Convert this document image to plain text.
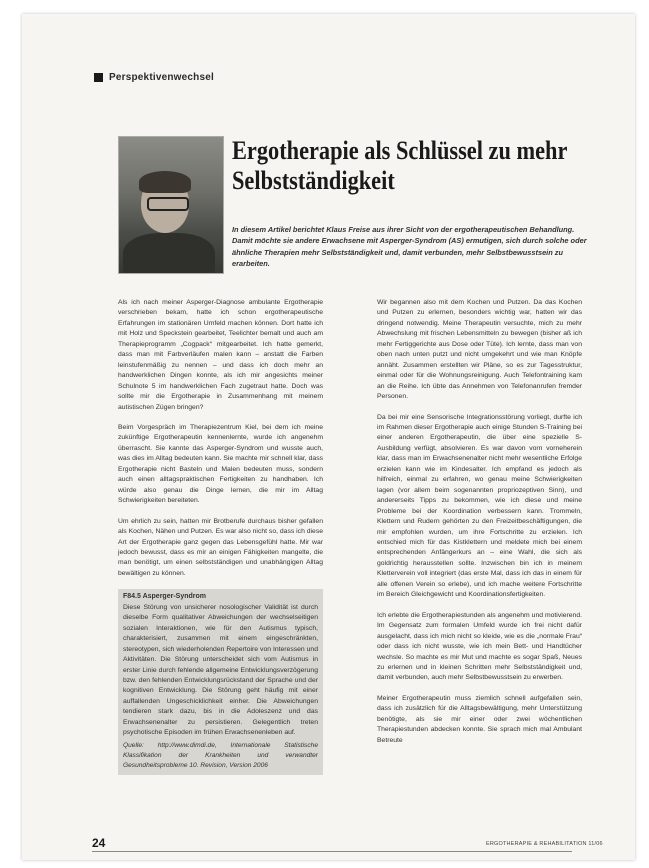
Perspektivenwechsel
Ergotherapie als Schlüssel zu mehr
Selbstständigkeit
In diesem Artikel berichtet Klaus Freise aus ihrer Sicht von der ergotherapeutischen Behandlung. Damit möchte sie andere Erwachsene mit Asperger-Syndrom (AS) ermutigen, sich durch solche oder ähnliche Therapien mehr Selbstständigkeit und, damit verbunden, mehr Selbstbewusstsein zu erarbeiten.

Als ich nach meiner Asperger-Diagnose ambulante Ergotherapie verschrieben bekam, hatte ich schon ergotherapeutische Erfahrungen im stationären Umfeld machen können. Dort hatte ich mit Holz und Speckstein gearbeitet, Teelichter bemalt und auch am Therapieprogramm „Cogpack“ mitgearbeitet. Ich hatte gemerkt, dass man mit Farbverläufen malen kann – anstatt die Farben leinstufenmäßig zu nennen – und dass ich doch mehr an handwerklichen Dingen konnte, als ich mir angesichts meiner Schulnote 5 im handwerklichen Fach zugetraut hatte. Doch was sollte mir die Ergotherapie in Zusammenhang mit meinem autistischen Zügen bringen?

Beim Vorgespräch im Therapiezentrum Kiel, bei dem ich meine zukünftige Ergotherapeutin kennenlernte, wurde ich angenehm überrascht. Sie kannte das Asperger-Syndrom und wusste auch, was dies im Alltag bedeuten kann. Sie machte mir schnell klar, dass Ergotherapie nicht Basteln und Malen bedeuten muss, sondern auch einen alltagspraktischen Fertigkeiten zu handhaben. Ich würde also genau die Dinge lernen, die mir im Alltag Schwierigkeiten bereiteten.

Um ehrlich zu sein, hatten mir Brotberufe durchaus bisher gefallen als Kochen, Nähen und Putzen. Es war also nicht so, dass ich diese Art der Ergotherapie ganz gegen das Lebensgefühl hatte. Mir war jedoch bewusst, dass es mir an einigen Fähigkeiten mangelte, die man benötigt, um einen selbstständigen und unabhängigen Alltag bewältigen zu können.

F84.5 Asperger-Syndrom
Diese Störung von unsicherer nosologischer Validität ist durch dieselbe Form qualitativer Abweichungen der wechselseitigen sozialen Interaktionen, wie für den Autismus typisch, charakterisiert, zusammen mit einem eingeschränkten, stereotypen, sich wiederholenden Repertoire von Interessen und Aktivitäten. Die Störung unterscheidet sich vom Autismus in erster Linie durch fehlende allgemeine Entwicklungsverzögerung bzw. den fehlenden Entwicklungsrückstand der Sprache und der kognitiven Entwicklung. Die Störung geht häufig mit einer auffallenden Ungeschicklichkeit einher. Die Abweichungen tendieren stark dazu, bis in die Adoleszenz und das Erwachsenenalter zu persistieren. Gelegentlich treten psychotische Episoden im frühen Erwachsenenleben auf.
Quelle: http://www.dimdi.de, Internationale Statistische Klassifikation der Krankheiten und verwandter Gesundheitsprobleme 10. Revision, Version 2006

Wir begannen also mit dem Kochen und Putzen. Da das Kochen und Putzen zu erlernen, besonders wichtig war, hatten wir das dringend notwendig. Meine Therapeutin versuchte, mich zu mehr Abwechslung mit frischen Lebensmitteln zu bewegen (bisher aß ich mehr Fertiggerichte aus Dose oder Tüte). Ich lernte, dass man von oben nach unten putzt und nicht umgekehrt und wie man Knöpfe annäht. Zusammen erstellten wir Pläne, so es zur Tagesstruktur, einmal oder für die Wohnungsreinigung. Auch Telefontraining kam an die Reihe. Ich übte das Annehmen von Telefonanrufen fremder Personen.

Da bei mir eine Sensorische Integrationsstörung vorliegt, durfte ich im Rahmen dieser Ergotherapie auch einige Stunden S-Training bei einer anderen Ergotherapeutin, die über eine spezielle S-Ausbildung verfügt, absolvieren. Es war davon vorn vorneherein klar, dass man im Erwachsenenalter nicht mehr wesentliche Erfolge erzielen kann wie im Kindesalter. Ich empfand es jedoch als hilfreich, einmal zu erfahren, wo genau meine Schwierigkeiten lagen (vor allem beim sogenannten propriozeptiven Sinn), und andererseits Tipps zu bekommen, wie ich diese und meine Probleme bei der Koordination verbessern kann. Trommeln, Klettern und Rudern gehörten zu den Freizeitbeschäftigungen, die mir empfohlen wurden, um ihre Fortschritte zu erzielen. Ich entschied mich für das Kistklettern und meldete mich bei einem entsprechenden Anfängerkurs an – eine Wahl, die sich als goldrichtig herausstellen sollte. Inzwischen bin ich in meinem Kletterverein voll integriert (das erste Mal, dass ich das in einem für alle offenen Verein so erlebe), und ich mache weitere Fortschritte im Bereich Gleichgewicht und Koordinationsfertigkeiten.

Ich erlebte die Ergotherapiestunden als angenehm und motivierend. Im Gegensatz zum formalen Umfeld wurde ich frei nicht dafür ausgelacht, dass ich mich nicht so kleide, wie es die „normale Frau“ oder dass ich nicht wusste, wie ich mein Bett- und Handtücher wechsle. So machte es mir Mut und machte es sogar Spaß, Neues zu erlernen und in kleinen Schritten mehr Selbstständigkeit und, damit verbunden, auch mehr Selbstbewusstsein zu erwerben.

Meiner Ergotherapeutin muss ziemlich schnell aufgefallen sein, dass ich zusätzlich für die Alltagsbewältigung, mehr Unterstützung benötigte, als sie mir einer oder zwei wöchentlichen Therapiestunden abdecken konnte. Sie sprach mich mal Ambulant Betreute

24	ERGOTHERAPIE & REHABILITATION 11/06
